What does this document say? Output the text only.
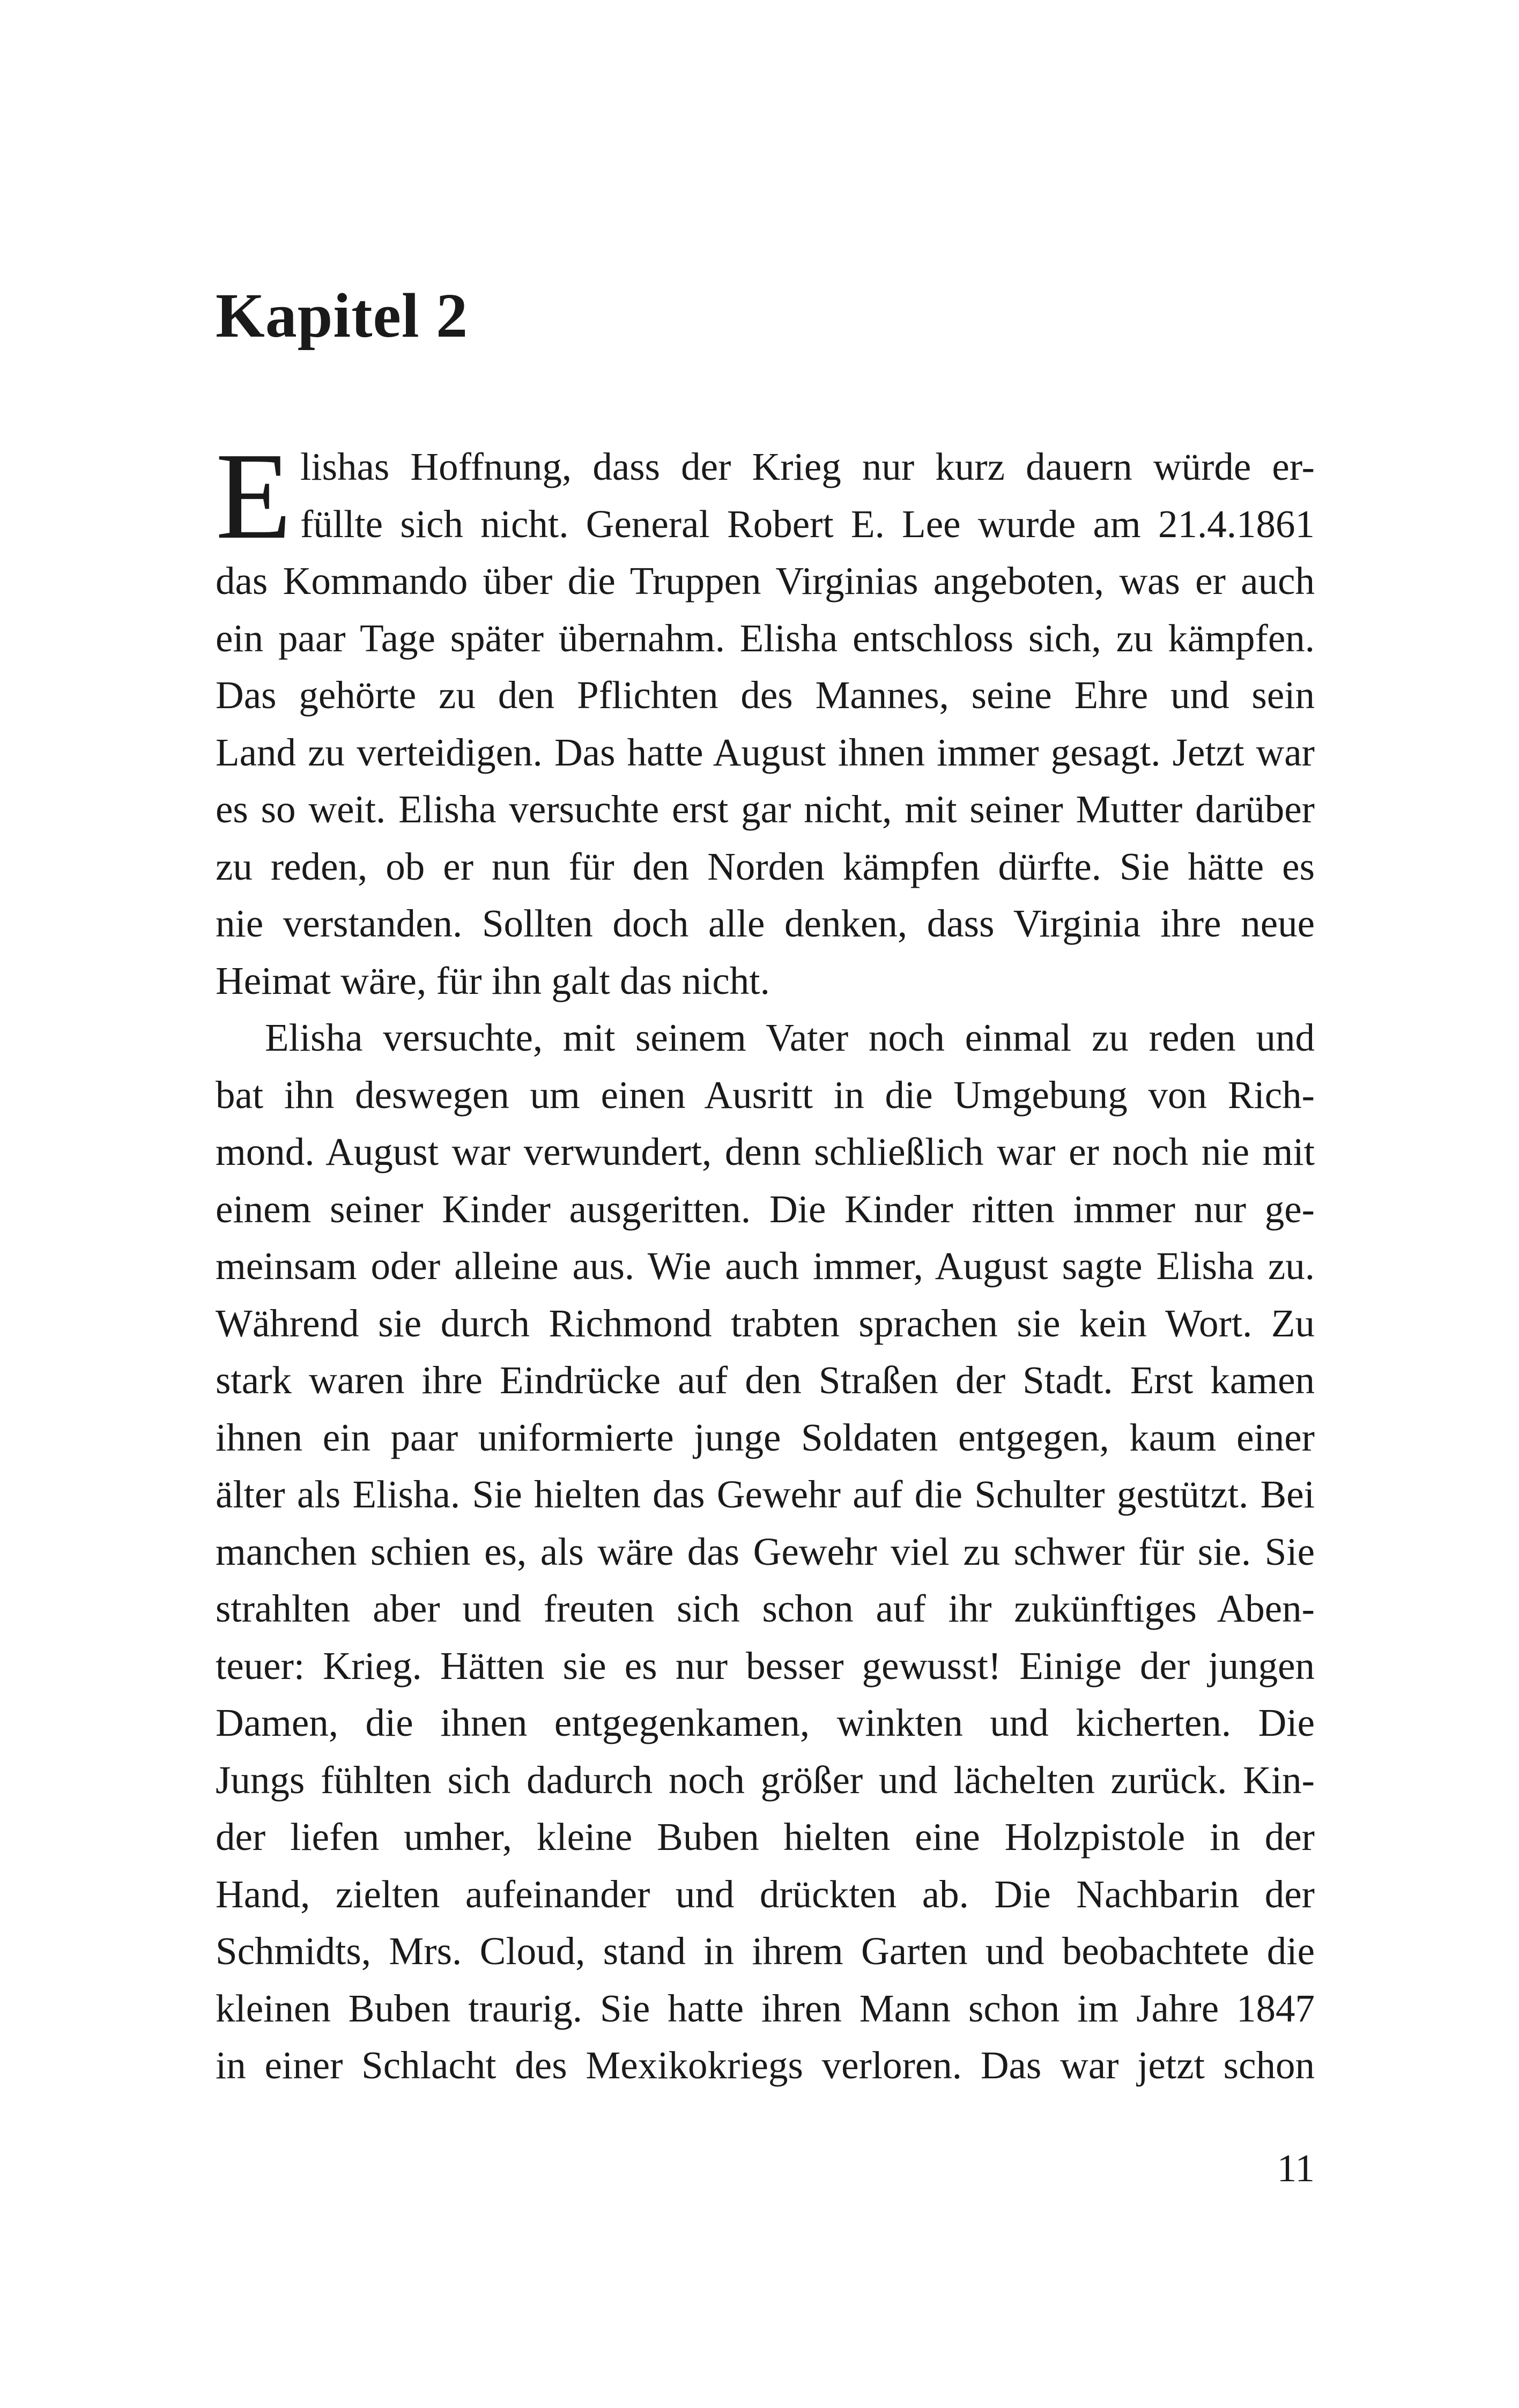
Kapitel 2
E lishas Hoffnung, dass der Krieg nur kurz dauern würde er-
füllte sich nicht. General Robert E. Lee wurde am 21.4.1861
das Kommando über die Truppen Virginias angeboten, was er auch
ein paar Tage später übernahm. Elisha entschloss sich, zu kämpfen.
Das gehörte zu den Pflichten des Mannes, seine Ehre und sein
Land zu verteidigen. Das hatte August ihnen immer gesagt. Jetzt war
es so weit. Elisha versuchte erst gar nicht, mit seiner Mutter darüber
zu reden, ob er nun für den Norden kämpfen dürfte. Sie hätte es
nie verstanden. Sollten doch alle denken, dass Virginia ihre neue
Heimat wäre, für ihn galt das nicht.
Elisha versuchte, mit seinem Vater noch einmal zu reden und
bat ihn deswegen um einen Ausritt in die Umgebung von Rich-
mond. August war verwundert, denn schließlich war er noch nie mit
einem seiner Kinder ausgeritten. Die Kinder ritten immer nur ge-
meinsam oder alleine aus. Wie auch immer, August sagte Elisha zu.
Während sie durch Richmond trabten sprachen sie kein Wort. Zu
stark waren ihre Eindrücke auf den Straßen der Stadt. Erst kamen
ihnen ein paar uniformierte junge Soldaten entgegen, kaum einer
älter als Elisha. Sie hielten das Gewehr auf die Schulter gestützt. Bei
manchen schien es, als wäre das Gewehr viel zu schwer für sie. Sie
strahlten aber und freuten sich schon auf ihr zukünftiges Aben-
teuer: Krieg. Hätten sie es nur besser gewusst! Einige der jungen
Damen, die ihnen entgegenkamen, winkten und kicherten. Die
Jungs fühlten sich dadurch noch größer und lächelten zurück. Kin-
der liefen umher, kleine Buben hielten eine Holzpistole in der
Hand, zielten aufeinander und drückten ab. Die Nachbarin der
Schmidts, Mrs. Cloud, stand in ihrem Garten und beobachtete die
kleinen Buben traurig. Sie hatte ihren Mann schon im Jahre 1847
in einer Schlacht des Mexikokriegs verloren. Das war jetzt schon
11
